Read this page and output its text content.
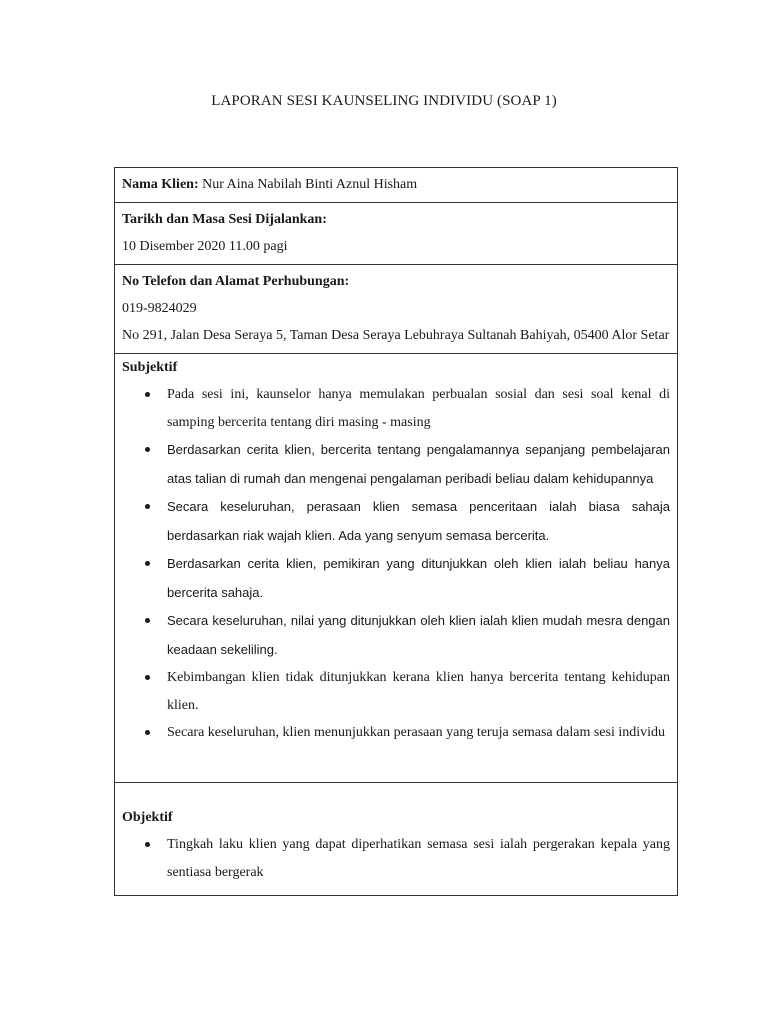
LAPORAN SESI KAUNSELING INDIVIDU (SOAP 1)
Nama Klien: Nur Aina Nabilah Binti Aznul Hisham
Tarikh dan Masa Sesi Dijalankan:
10 Disember 2020 11.00 pagi
No Telefon dan Alamat Perhubungan:
019-9824029
No 291, Jalan Desa Seraya 5, Taman Desa Seraya Lebuhraya Sultanah Bahiyah, 05400 Alor Setar
Subjektif
Pada sesi ini, kaunselor hanya memulakan perbualan sosial dan sesi soal kenal di samping bercerita tentang diri masing - masing
Berdasarkan cerita klien, bercerita tentang pengalamannya sepanjang pembelajaran atas talian di rumah dan mengenai pengalaman peribadi beliau dalam kehidupannya
Secara keseluruhan, perasaan klien semasa penceritaan ialah biasa sahaja berdasarkan riak wajah klien. Ada yang senyum semasa bercerita.
Berdasarkan cerita klien, pemikiran yang ditunjukkan oleh klien ialah beliau hanya bercerita sahaja.
Secara keseluruhan, nilai yang ditunjukkan oleh klien ialah klien mudah mesra dengan keadaan sekeliling.
Kebimbangan klien tidak ditunjukkan kerana klien hanya bercerita tentang kehidupan klien.
Secara keseluruhan, klien menunjukkan perasaan yang teruja semasa dalam sesi individu
Objektif
Tingkah laku klien yang dapat diperhatikan semasa sesi ialah pergerakan kepala yang sentiasa bergerak
